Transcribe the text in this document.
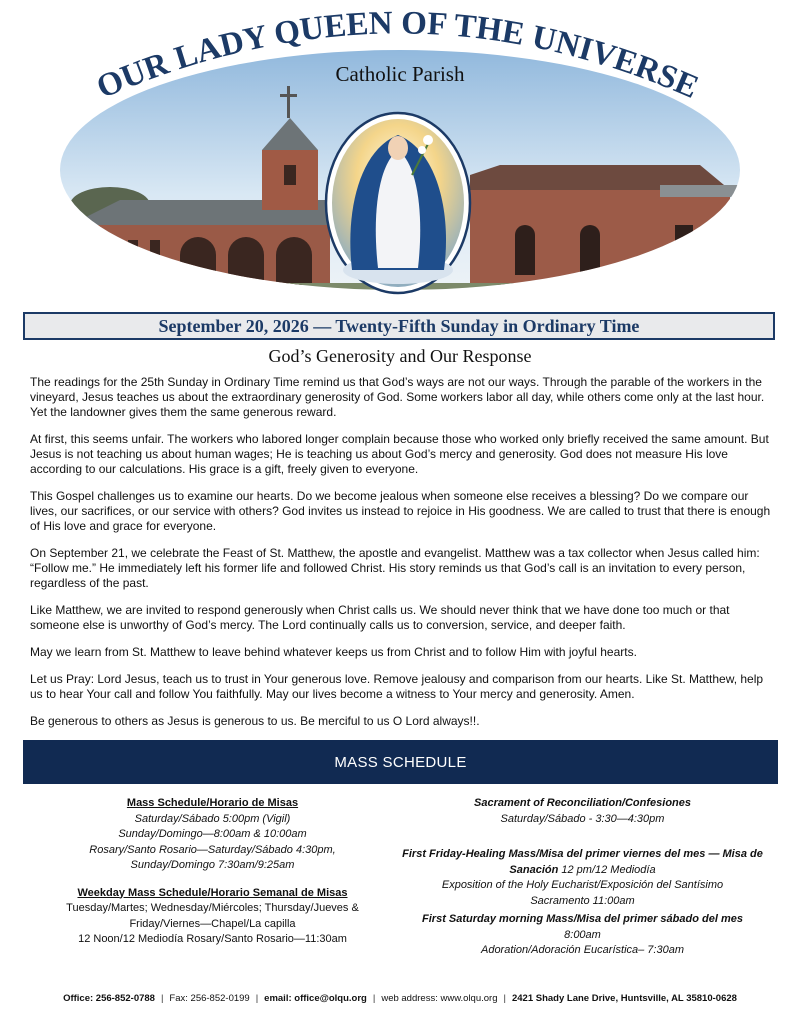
OUR LADY QUEEN OF THE UNIVERSE
Catholic Parish
September 20, 2026 — Twenty-Fifth Sunday in Ordinary Time
God’s Generosity and Our Response

The readings for the 25th Sunday in Ordinary Time remind us that God’s ways are not our ways. Through the parable of the workers in the vineyard, Jesus teaches us about the extraordinary generosity of God. Some workers labor all day, while others come only at the last hour. Yet the landowner gives them the same generous reward.

At first, this seems unfair. The workers who labored longer complain because those who worked only briefly received the same amount. But Jesus is not teaching us about human wages; He is teaching us about God’s mercy and generosity. God does not measure His love according to our calculations. His grace is a gift, freely given to everyone.

This Gospel challenges us to examine our hearts. Do we become jealous when someone else receives a blessing? Do we compare our lives, our sacrifices, or our service with others? God invites us instead to rejoice in His goodness. We are called to trust that there is enough of His love and grace for everyone.

On September 21, we celebrate the Feast of St. Matthew, the apostle and evangelist. Matthew was a tax collector when Jesus called him: “Follow me.” He immediately left his former life and followed Christ. His story reminds us that God’s call is an invitation to every person, regardless of the past.

Like Matthew, we are invited to respond generously when Christ calls us. We should never think that we have done too much or that someone else is unworthy of God’s mercy. The Lord continually calls us to conversion, service, and deeper faith.

May we learn from St. Matthew to leave behind whatever keeps us from Christ and to follow Him with joyful hearts.

Let us Pray: Lord Jesus, teach us to trust in Your generous love. Remove jealousy and comparison from our hearts. Like St. Matthew, help us to hear Your call and follow You faithfully. May our lives become a witness to Your mercy and generosity. Amen.

Be generous to others as Jesus is generous to us. Be merciful to us O Lord always!!.

MASS SCHEDULE
Mass Schedule/Horario de Misas
Saturday/Sábado 5:00pm (Vigil)
Sunday/Domingo—8:00am & 10:00am
Rosary/Santo Rosario—Saturday/Sábado 4:30pm,
Sunday/Domingo 7:30am/9:25am
Weekday Mass Schedule/Horario Semanal de Misas
Tuesday/Martes; Wednesday/Miércoles; Thursday/Jueves &
Friday/Viernes—Chapel/La capilla
12 Noon/12 Mediodía Rosary/Santo Rosario—11:30am
Sacrament of Reconciliation/Confesiones
Saturday/Sábado - 3:30—4:30pm
First Friday-Healing Mass/Misa del primer viernes del mes — Misa de
Sanación 12 pm/12 Mediodía
Exposition of the Holy Eucharist/Exposición del Santísimo
Sacramento 11:00am
First Saturday morning Mass/Misa del primer sábado del mes
8:00am
Adoration/Adoración Eucarística– 7:30am
Office: 256-852-0788 | Fax: 256-852-0199 | email: office@olqu.org | web address: www.olqu.org | 2421 Shady Lane Drive, Huntsville, AL 35810-0628
